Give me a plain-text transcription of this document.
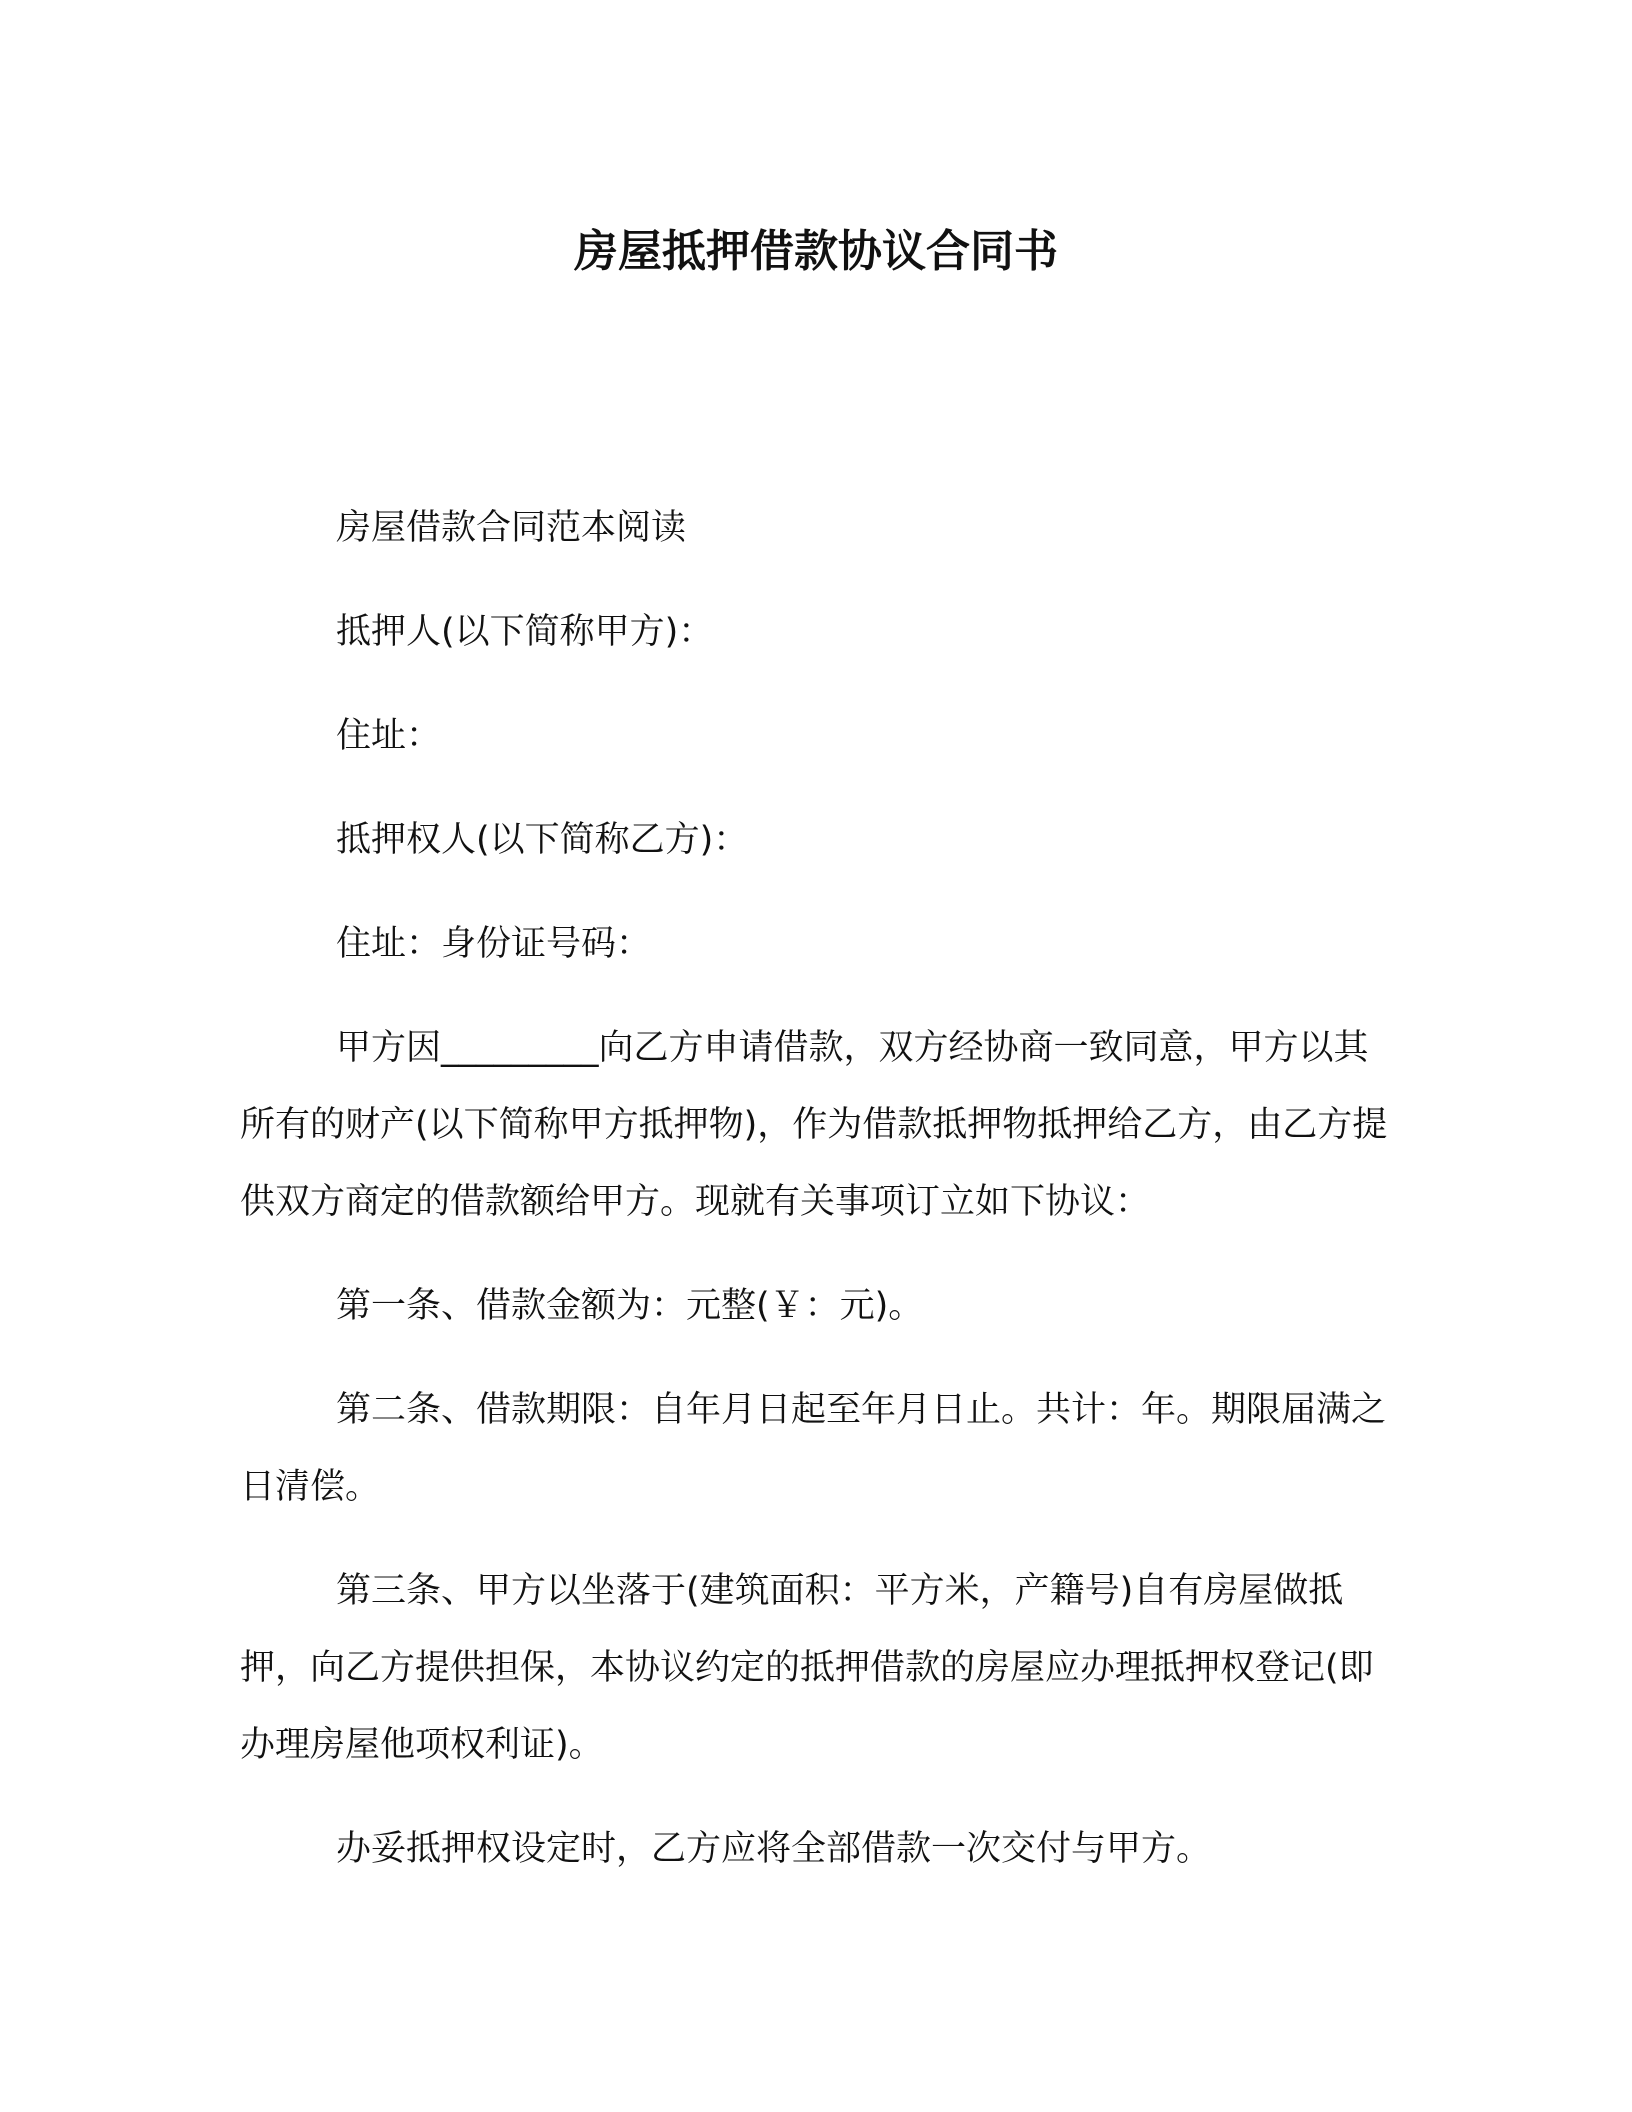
房屋抵押借款协议合同书

房屋借款合同范本阅读

抵押人(以下简称甲方)：

住址：

抵押权人(以下简称乙方)：

住址：身份证号码：

甲方因_________向乙方申请借款，双方经协商一致同意，甲方以其所有的财产(以下简称甲方抵押物)，作为借款抵押物抵押给乙方，由乙方提供双方商定的借款额给甲方。现就有关事项订立如下协议：

第一条、借款金额为：元整(￥：元)。

第二条、借款期限：自年月日起至年月日止。共计：年。期限届满之日清偿。

第三条、甲方以坐落于(建筑面积：平方米，产籍号)自有房屋做抵押，向乙方提供担保，本协议约定的抵押借款的房屋应办理抵押权登记(即办理房屋他项权利证)。

办妥抵押权设定时，乙方应将全部借款一次交付与甲方。
